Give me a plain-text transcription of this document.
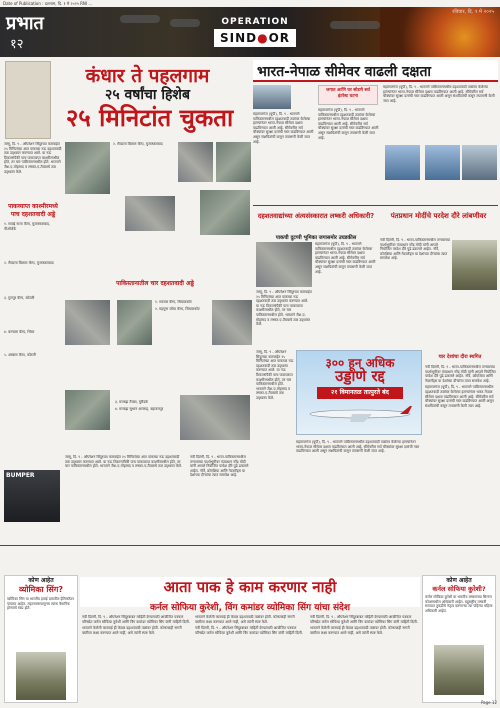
Date of Publication : दशनाम, दि. १ मे २०२५ RNI ...
प्रभात
१२
OPERATION
SIND●OR
रविवार, दि. ९ मे २०२५
कंधार ते पहलगाम
२५ वर्षांचा हिशेब
२५ मिनिटांत चुकता
भारत-नेपाळ सीमेवर वाढली दक्षता

जम्मू, दि. ९ - ऑपरेशन सिंदूरच्या कारवाईत २५ मिनिटांच्या आत पाकच्या नऊ दहशतवादी तळ उद्ध्वस्त करण्यात आले. या नऊ ठिकाणांपैकी पाच पाकव्याप्त काश्मीरमधील होते, तर चार पाकिस्तानमधील होते. भारताने जैश-ए-मोहम्मद व लष्कर-ए-तैयबाचे तळ उद्ध्वस्त केले.

पाकव्याप्त काश्मीरमध्ये पाच दहशतवादी अड्डे

१. सवाई नाला कॅम्प, मुजफ्फराबाद, पीओजेके

२. सैयदना बिलाल कॅम्प, मुजफ्फराबाद

३. गुलपूर कॅम्प, कोटली

४. बरनाला कॅम्प, भिंबर

५. अब्बास कॅम्प, कोटली

२. सैयदना बिलाल कॅम्प, मुजफ्फराबाद

पाकिस्तानातील चार दहशतवादी अड्डे

१. सरजल कॅम्प, सियालकोट

२. महमूना जोया कॅम्प, सियालकोट

३. मरकझ तैयबा, मुरीदके

४. मरकझ सुभान अल्लाह, बहावलपूर

BUMPER

जम्मू, दि. ९ - ऑपरेशन सिंदूरच्या कारवाईत २५ मिनिटांच्या आत पाकच्या नऊ दहशतवादी तळ उद्ध्वस्त करण्यात आले. या नऊ ठिकाणांपैकी पाच पाकव्याप्त काश्मीरमधील होते, तर चार पाकिस्तानमधील होते. भारताने जैश-ए-मोहम्मद व लष्कर-ए-तैयबाचे तळ उद्ध्वस्त केले.

महाराजगंज (यूपी), दि. ९ - भारताने पाकिस्तानमधील दहशतवादी तळांवर केलेल्या हल्ल्यांनंतर भारत-नेपाळ सीमेवर दक्षता वाढविण्यात आली आहे. सीमेवरील सर्व चौक्यांवर सुरक्षा दलांची गस्त वाढविण्यात आली असून संशयितांची कसून तपासणी केली जात आहे.

जगात आणि घर सोडणे सर्व इंटरेस्ट घटना

महाराजगंज (यूपी), दि. ९ - भारताने पाकिस्तानमधील दहशतवादी तळांवर केलेल्या हल्ल्यांनंतर भारत-नेपाळ सीमेवर दक्षता वाढविण्यात आली आहे. सीमेवरील सर्व चौक्यांवर सुरक्षा दलांची गस्त वाढविण्यात आली असून संशयितांची कसून तपासणी केली जात आहे.

महाराजगंज (यूपी), दि. ९ - भारताने पाकिस्तानमधील दहशतवादी तळांवर केलेल्या हल्ल्यांनंतर भारत-नेपाळ सीमेवर दक्षता वाढविण्यात आली आहे. सीमेवरील सर्व चौक्यांवर सुरक्षा दलांची गस्त वाढविण्यात आली असून संशयितांची कसून तपासणी केली जात आहे.

दहशतवाद्यांच्या अंत्यसंस्कारात लष्करी अधिकारी?
पाकची दुटप्पी भूमिका जगासमोर उघडकीस

महाराजगंज (यूपी), दि. ९ - भारताने पाकिस्तानमधील दहशतवादी तळांवर केलेल्या हल्ल्यांनंतर भारत-नेपाळ सीमेवर दक्षता वाढविण्यात आली आहे. सीमेवरील सर्व चौक्यांवर सुरक्षा दलांची गस्त वाढविण्यात आली असून संशयितांची कसून तपासणी केली जात आहे.

जम्मू, दि. ९ - ऑपरेशन सिंदूरच्या कारवाईत २५ मिनिटांच्या आत पाकच्या नऊ दहशतवादी तळ उद्ध्वस्त करण्यात आले. या नऊ ठिकाणांपैकी पाच पाकव्याप्त काश्मीरमधील होते, तर चार पाकिस्तानमधील होते. भारताने जैश-ए-मोहम्मद व लष्कर-ए-तैयबाचे तळ उद्ध्वस्त केले.

पंतप्रधान मोदींचे परदेश दौरे लांबणीवर

नवी दिल्ली, दि. ९ - भारत-पाकिस्तानमधील तणावाच्या पार्श्वभूमीवर पंतप्रधान नरेंद्र मोदी यांनी आपले नियोजित परदेश दौरे पुढे ढकलले आहेत. नॉर्वे, क्रोएशिया आणि नेदरलँड्स या देशांच्या दौऱ्यांचा त्यात समावेश आहे.

चार देशांचा दौरा स्थगित

नवी दिल्ली, दि. ९ - भारत-पाकिस्तानमधील तणावाच्या पार्श्वभूमीवर पंतप्रधान नरेंद्र मोदी यांनी आपले नियोजित परदेश दौरे पुढे ढकलले आहेत. नॉर्वे, क्रोएशिया आणि नेदरलँड्स या देशांच्या दौऱ्यांचा त्यात समावेश आहे.

महाराजगंज (यूपी), दि. ९ - भारताने पाकिस्तानमधील दहशतवादी तळांवर केलेल्या हल्ल्यांनंतर भारत-नेपाळ सीमेवर दक्षता वाढविण्यात आली आहे. सीमेवरील सर्व चौक्यांवर सुरक्षा दलांची गस्त वाढविण्यात आली असून संशयितांची कसून तपासणी केली जात आहे.

३०० हून अधिक
उड्डाणे रद्द
२१ विमानतळ तात्पुरते बंद

जम्मू, दि. ९ - ऑपरेशन सिंदूरच्या कारवाईत २५ मिनिटांच्या आत पाकच्या नऊ दहशतवादी तळ उद्ध्वस्त करण्यात आले. या नऊ ठिकाणांपैकी पाच पाकव्याप्त काश्मीरमधील होते, तर चार पाकिस्तानमधील होते. भारताने जैश-ए-मोहम्मद व लष्कर-ए-तैयबाचे तळ उद्ध्वस्त केले.

महाराजगंज (यूपी), दि. ९ - भारताने पाकिस्तानमधील दहशतवादी तळांवर केलेल्या हल्ल्यांनंतर भारत-नेपाळ सीमेवर दक्षता वाढविण्यात आली आहे. सीमेवरील सर्व चौक्यांवर सुरक्षा दलांची गस्त वाढविण्यात आली असून संशयितांची कसून तपासणी केली जात आहे.

नवी दिल्ली, दि. ९ - भारत-पाकिस्तानमधील तणावाच्या पार्श्वभूमीवर पंतप्रधान नरेंद्र मोदी यांनी आपले नियोजित परदेश दौरे पुढे ढकलले आहेत. नॉर्वे, क्रोएशिया आणि नेदरलँड्स या देशांच्या दौऱ्यांचा त्यात समावेश आहे.

कोण आहेत
व्योमिका सिंग?

व्योमिका सिंग या भारतीय हवाई दलातील हेलिकॉप्टर पायलट आहेत. लहानपणापासूनच त्यांना वैमानिक होण्याचे स्वप्न होते.

कोण आहेत
कर्नल सोफिया कुरेशी?

कर्नल सोफिया कुरेशी या भारतीय लष्कराच्या सिग्नल कोअरमधील अधिकारी आहेत. बहुराष्ट्रीय लष्करी सरावात तुकडीचे नेतृत्व करणाऱ्या त्या पहिल्या महिला अधिकारी आहेत.

आता पाक हे काम करणार नाही
कर्नल सोफिया कुरेशी, विंग कमांडर व्योमिका सिंग यांचा संदेश

नवी दिल्ली, दि. ९ - ऑपरेशन सिंदूरबाबत माहिती देण्यासाठी आयोजित पत्रकार परिषदेत कर्नल सोफिया कुरेशी आणि विंग कमांडर व्योमिका सिंग यांनी माहिती दिली.

भारताने केलेली कारवाई ही केवळ दहशतवादी तळांवर होती. कोणत्याही नागरी वस्तीला लक्ष्य करण्यात आले नाही, असे त्यांनी स्पष्ट केले.

भारताने केलेली कारवाई ही केवळ दहशतवादी तळांवर होती. कोणत्याही नागरी वस्तीला लक्ष्य करण्यात आले नाही, असे त्यांनी स्पष्ट केले.

नवी दिल्ली, दि. ९ - ऑपरेशन सिंदूरबाबत माहिती देण्यासाठी आयोजित पत्रकार परिषदेत कर्नल सोफिया कुरेशी आणि विंग कमांडर व्योमिका सिंग यांनी माहिती दिली.

नवी दिल्ली, दि. ९ - ऑपरेशन सिंदूरबाबत माहिती देण्यासाठी आयोजित पत्रकार परिषदेत कर्नल सोफिया कुरेशी आणि विंग कमांडर व्योमिका सिंग यांनी माहिती दिली.

भारताने केलेली कारवाई ही केवळ दहशतवादी तळांवर होती. कोणत्याही नागरी वस्तीला लक्ष्य करण्यात आले नाही, असे त्यांनी स्पष्ट केले.

Page 12
